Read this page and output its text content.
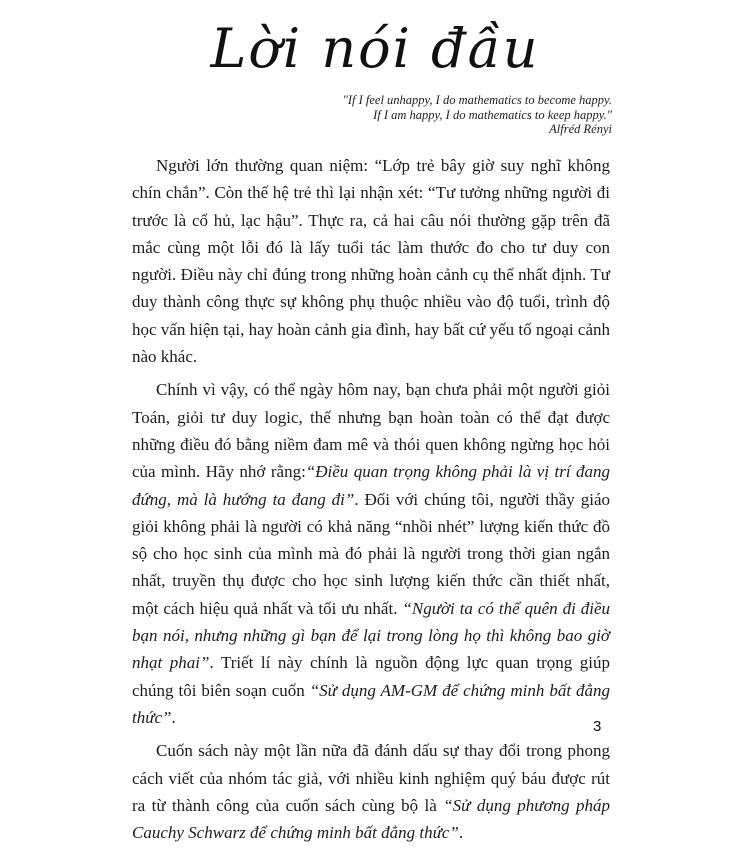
Lời nói đầu
"If I feel unhappy, I do mathematics to become happy.
If I am happy, I do mathematics to keep happy."
Alfréd Rényi

Người lớn thường quan niệm: “Lớp trẻ bây giờ suy nghĩ không chín chắn”. Còn thế hệ trẻ thì lại nhận xét: “Tư tưởng những người đi trước là cổ hủ, lạc hậu”. Thực ra, cả hai câu nói thường gặp trên đã mắc cùng một lỗi đó là lấy tuổi tác làm thước đo cho tư duy con người. Điều này chỉ đúng trong những hoàn cảnh cụ thể nhất định. Tư duy thành công thực sự không phụ thuộc nhiều vào độ tuổi, trình độ học vấn hiện tại, hay hoàn cảnh gia đình, hay bất cứ yếu tố ngoại cảnh nào khác.

Chính vì vậy, có thể ngày hôm nay, bạn chưa phải một người giỏi Toán, giỏi tư duy logic, thế nhưng bạn hoàn toàn có thể đạt được những điều đó bằng niềm đam mê và thói quen không ngừng học hỏi của mình. Hãy nhớ rằng:“Điều quan trọng không phải là vị trí đang đứng, mà là hướng ta đang đi”. Đối với chúng tôi, người thầy giáo giỏi không phải là người có khả năng “nhồi nhét” lượng kiến thức đồ sộ cho học sinh của mình mà đó phải là người trong thời gian ngắn nhất, truyền thụ được cho học sinh lượng kiến thức cần thiết nhất, một cách hiệu quả nhất và tối ưu nhất. “Người ta có thể quên đi điều bạn nói, nhưng những gì bạn để lại trong lòng họ thì không bao giờ nhạt phai”. Triết lí này chính là nguồn động lực quan trọng giúp chúng tôi biên soạn cuốn “Sử dụng AM-GM để chứng minh bất đẳng thức”.

Cuốn sách này một lần nữa đã đánh dấu sự thay đổi trong phong cách viết của nhóm tác giả, với nhiều kinh nghiệm quý báu được rút ra từ thành công của cuốn sách cùng bộ là “Sử dụng phương pháp Cauchy Schwarz để chứng minh bất đẳng thức”.

3
